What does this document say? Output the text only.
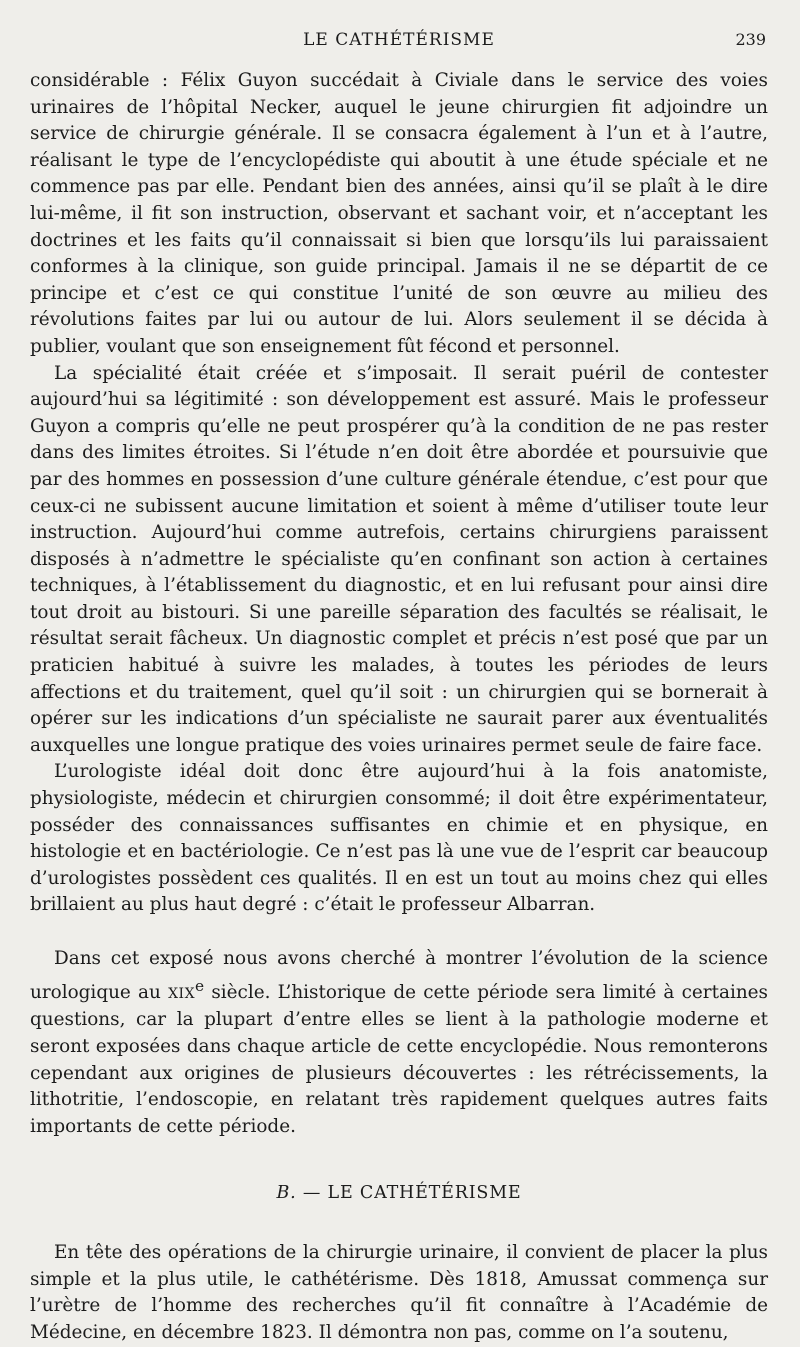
LE CATHÉTÉRISME	239

considérable : Félix Guyon succédait à Civiale dans le service des voies urinaires de l’hôpital Necker, auquel le jeune chirurgien fit adjoindre un service de chirurgie générale. Il se consacra également à l’un et à l’autre, réalisant le type de l’encyclopédiste qui aboutit à une étude spéciale et ne commence pas par elle. Pendant bien des années, ainsi qu’il se plaît à le dire lui-même, il fit son instruction, observant et sachant voir, et n’acceptant les doctrines et les faits qu’il connaissait si bien que lorsqu’ils lui paraissaient conformes à la clinique, son guide principal. Jamais il ne se départit de ce principe et c’est ce qui constitue l’unité de son œuvre au milieu des révolutions faites par lui ou autour de lui. Alors seulement il se décida à publier, voulant que son enseignement fût fécond et personnel.

La spécialité était créée et s’imposait. Il serait puéril de contester aujourd’hui sa légitimité : son développement est assuré. Mais le professeur Guyon a compris qu’elle ne peut prospérer qu’à la condition de ne pas rester dans des limites étroites. Si l’étude n’en doit être abordée et poursuivie que par des hommes en possession d’une culture générale étendue, c’est pour que ceux-ci ne subissent aucune limitation et soient à même d’utiliser toute leur instruction. Aujourd’hui comme autrefois, certains chirurgiens paraissent disposés à n’admettre le spécialiste qu’en confinant son action à certaines techniques, à l’établissement du diagnostic, et en lui refusant pour ainsi dire tout droit au bistouri. Si une pareille séparation des facultés se réalisait, le résultat serait fâcheux. Un diagnostic complet et précis n’est posé que par un praticien habitué à suivre les malades, à toutes les périodes de leurs affections et du traitement, quel qu’il soit : un chirurgien qui se bornerait à opérer sur les indications d’un spécialiste ne saurait parer aux éventualités auxquelles une longue pratique des voies urinaires permet seule de faire face.

L’urologiste idéal doit donc être aujourd’hui à la fois anatomiste, physiologiste, médecin et chirurgien consommé; il doit être expérimentateur, posséder des connaissances suffisantes en chimie et en physique, en histologie et en bactériologie. Ce n’est pas là une vue de l’esprit car beaucoup d’urologistes possèdent ces qualités. Il en est un tout au moins chez qui elles brillaient au plus haut degré : c’était le professeur Albarran.

Dans cet exposé nous avons cherché à montrer l’évolution de la science urologique au XIXe siècle. L’historique de cette période sera limité à certaines questions, car la plupart d’entre elles se lient à la pathologie moderne et seront exposées dans chaque article de cette encyclopédie. Nous remonterons cependant aux origines de plusieurs découvertes : les rétrécissements, la lithotritie, l’endoscopie, en relatant très rapidement quelques autres faits importants de cette période.

B. — LE CATHÉTÉRISME

En tête des opérations de la chirurgie urinaire, il convient de placer la plus simple et la plus utile, le cathétérisme. Dès 1818, Amussat commença sur l’urètre de l’homme des recherches qu’il fit connaître à l’Académie de Médecine, en décembre 1823. Il démontra non pas, comme on l’a soutenu,
